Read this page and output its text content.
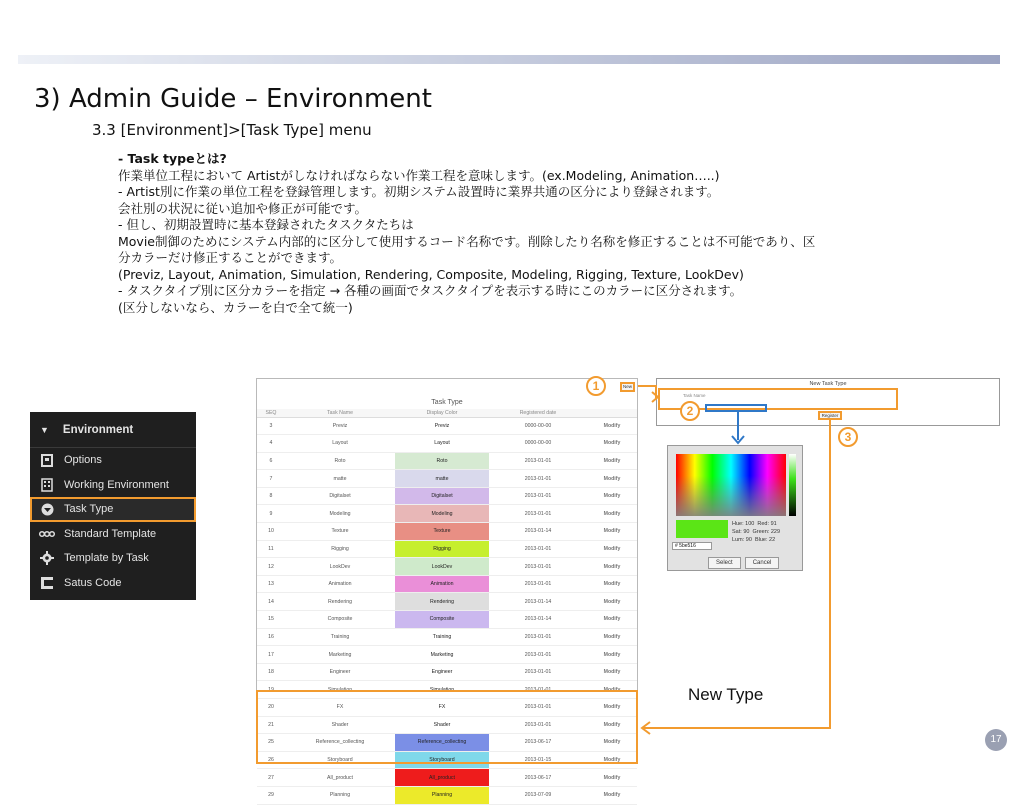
3) Admin Guide – Environment
3.3 [Environment]>[Task Type] menu
- Task typeとは?
作業単位工程において Artistがしなければならない作業工程を意味します。(ex.Modeling, Animation…..)
- Artist別に作業の単位工程を登録管理します。初期システム設置時に業界共通の区分により登録されます。
会社別の状況に従い追加や修正が可能です。
- 但し、初期設置時に基本登録されたタスクタたちは
Movie制御のためにシステム内部的に区分して使用するコード名称です。削除したり名称を修正することは不可能であり、区
分カラーだけ修正することができます。
(Previz, Layout, Animation, Simulation, Rendering, Composite, Modeling, Rigging, Texture, LookDev)
- タスクタイプ別に区分カラーを指定 → 各種の画面でタスクタイプを表示する時にこのカラーに区分されます。
(区分しないなら、カラーを白で全て統一)
▼ Environment
Options
Working Environment
Task Type
Standard Template
Template by Task
Satus Code
New
Task Type
SEQ	Task Name	Display Color	Registered date	
3	Previz	Previz	0000-00-00	Modify
4	Layout	Layout	0000-00-00	Modify
6	Roto	Roto	2013-01-01	Modify
7	matte	matte	2013-01-01	Modify
8	Digitalset	Digitalset	2013-01-01	Modify
9	Modeling	Modeling	2013-01-01	Modify
10	Texture	Texture	2013-01-14	Modify
11	Rigging	Rigging	2013-01-01	Modify
12	LookDev	LookDev	2013-01-01	Modify
13	Animation	Animation	2013-01-01	Modify
14	Rendering	Rendering	2013-01-14	Modify
15	Composite	Composite	2013-01-14	Modify
16	Training	Training	2013-01-01	Modify
17	Marketing	Marketing	2013-01-01	Modify
18	Engineer	Engineer	2013-01-01	Modify
19	Simulation	Simulation	2013-01-01	Modify
20	FX	FX	2013-01-01	Modify
21	Shader	Shader	2013-01-01	Modify
25	Reference_collecting	Reference_collecting	2013-06-17	Modify
26	Storyboard	Storyboard	2013-01-15	Modify
27	All_product	All_product	2013-06-17	Modify
29	Planning	Planning	2013-07-09	Modify
New Task Type
Task Name
Register
# 5be516
Hue: 100 Red: 91
Sat: 90 Green: 229
Lum: 90 Blue: 22
Select	Cancel
1
2
3
New Type
17
